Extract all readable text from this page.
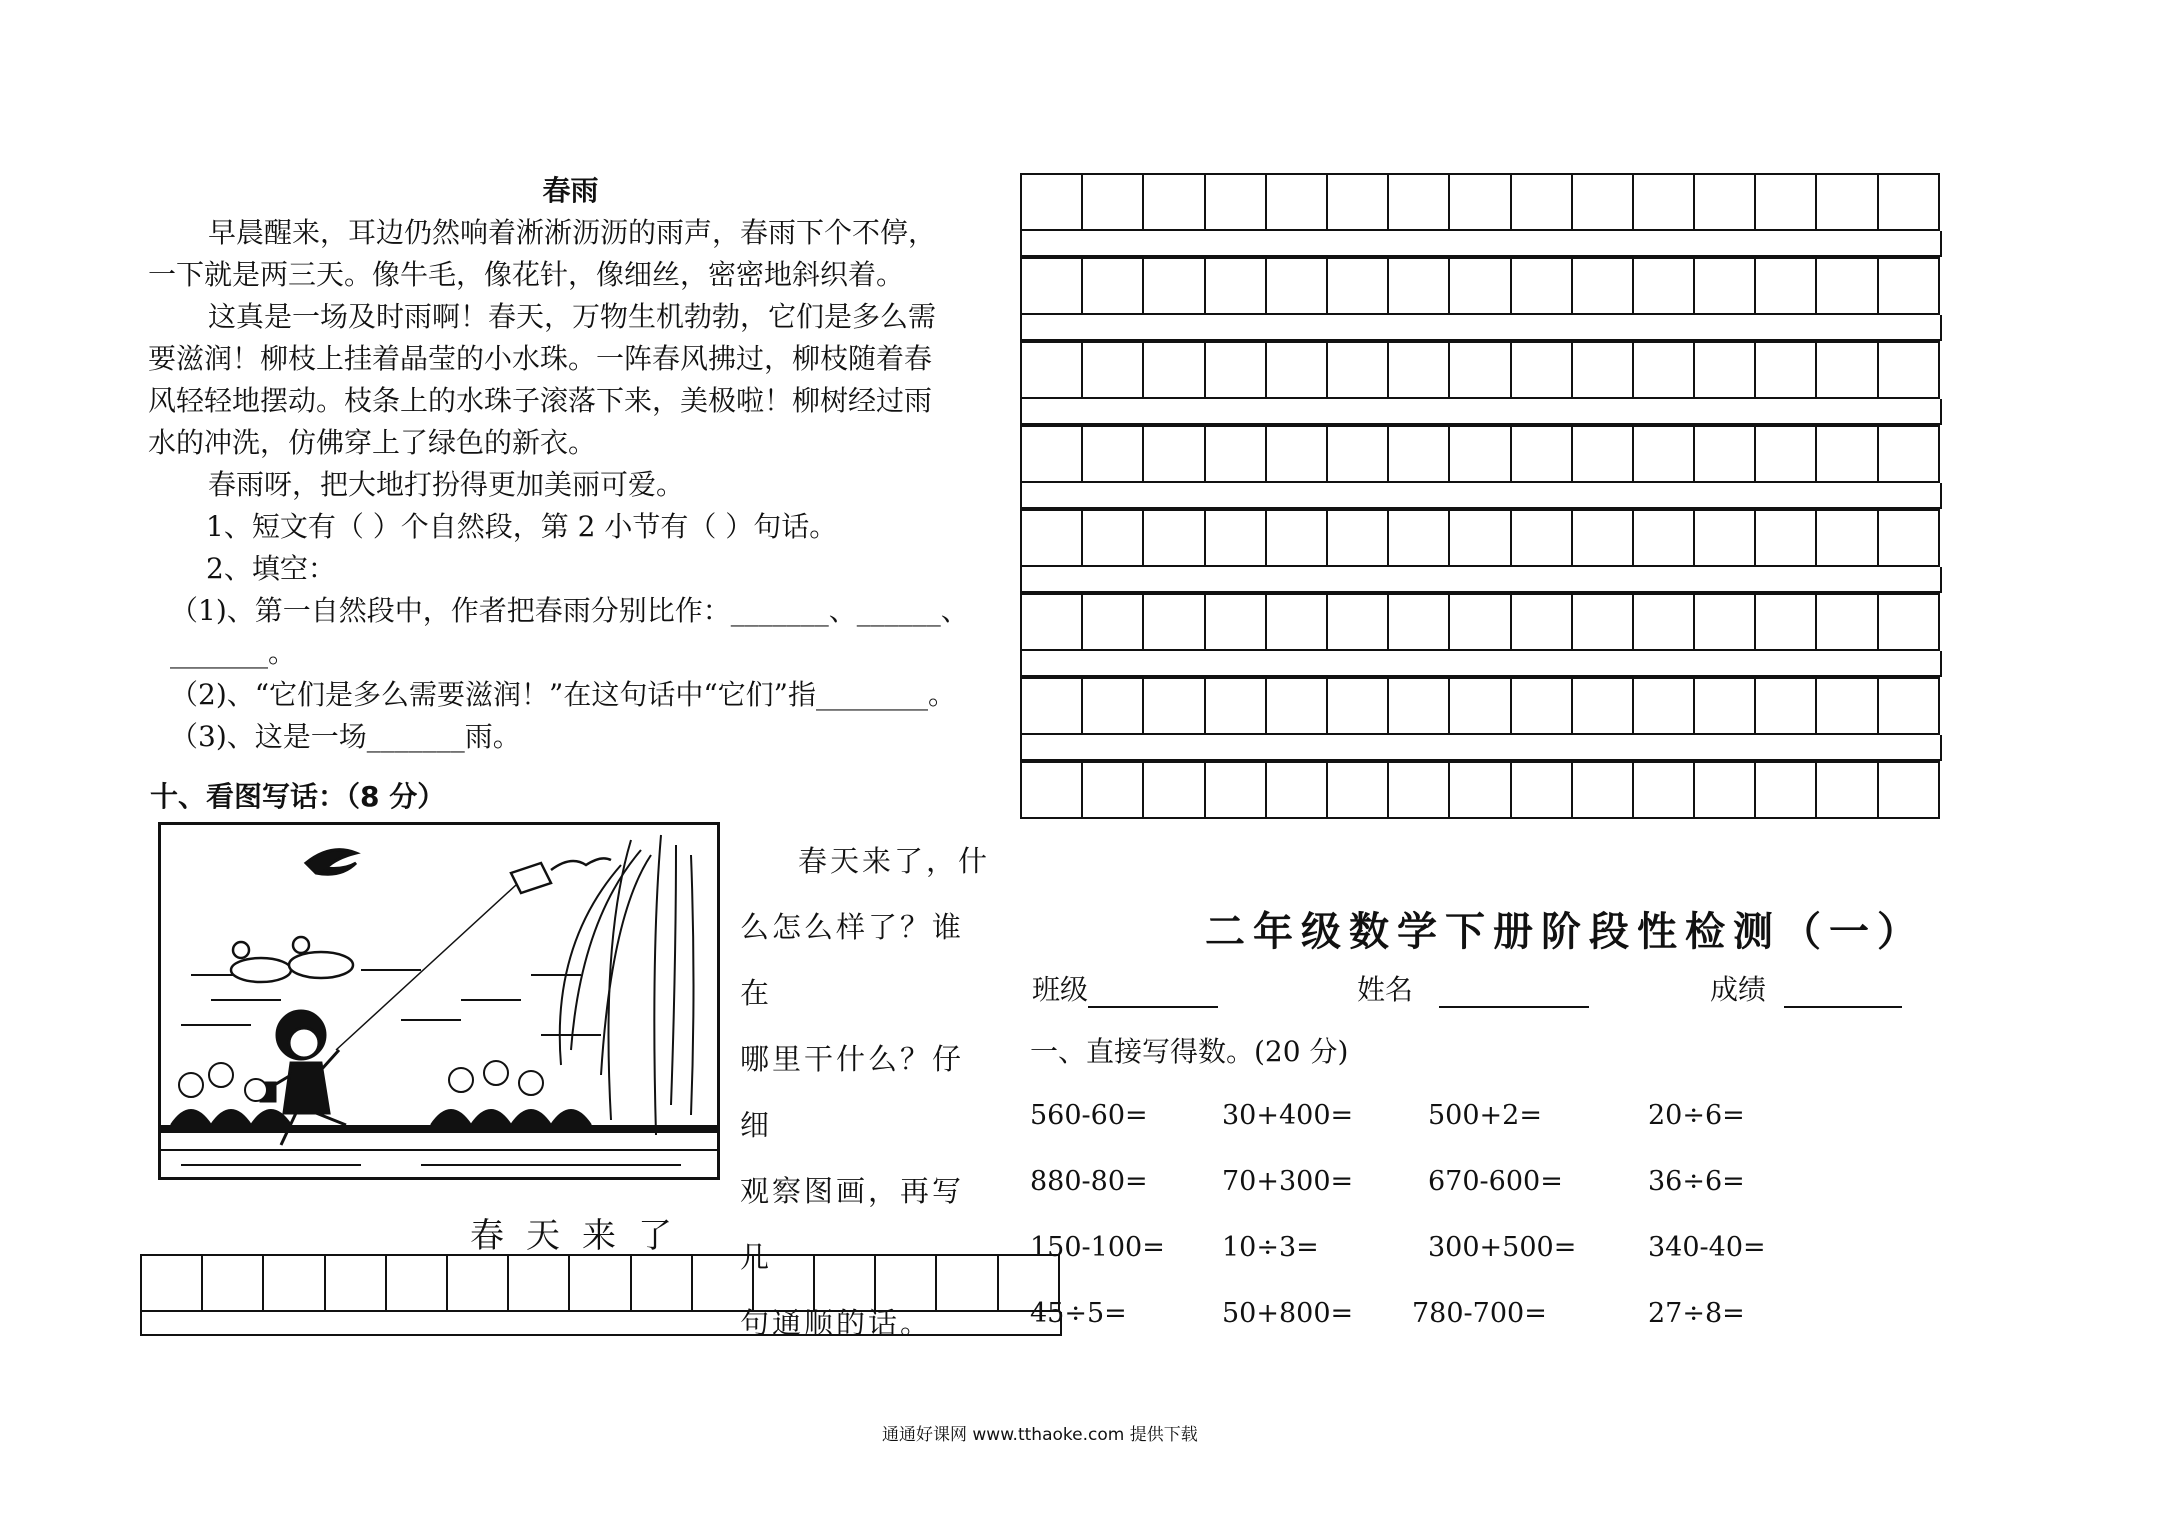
春雨

早晨醒来，耳边仍然响着淅淅沥沥的雨声，春雨下个不停，

一下就是两三天。像牛毛，像花针，像细丝，密密地斜织着。

这真是一场及时雨啊！春天，万物生机勃勃，它们是多么需

要滋润！柳枝上挂着晶莹的小水珠。一阵春风拂过，柳枝随着春

风轻轻地摆动。枝条上的水珠子滚落下来，美极啦！柳树经过雨

水的冲洗，仿佛穿上了绿色的新衣。

春雨呀，把大地打扮得更加美丽可爱。

1、短文有（ ）个自然段，第 2 小节有（ ）句话。

2、填空：

（1)、第一自然段中，作者把春雨分别比作：_______、______、

_______。

（2)、“它们是多么需要滋润！”在这句话中“它们”指________。

（3)、这是一场_______雨。

十、看图写话：（8 分）
春天来了，什
么怎么样了？谁在
哪里干什么？仔细
观察图画，再写几
句通顺的话。
春天来了
二年级数学下册阶段性检测（一）
班级	姓名	成绩
一、直接写得数。(20 分)
560-60=	30+400=	500+2=	20÷6=
880-80=	70+300=	670-600=	36÷6=
150-100= 10÷3=	300+500=	340-40=
45÷5=	50+800= 780-700=	27÷8=
通通好课网 www.tthaoke.com 提供下载
